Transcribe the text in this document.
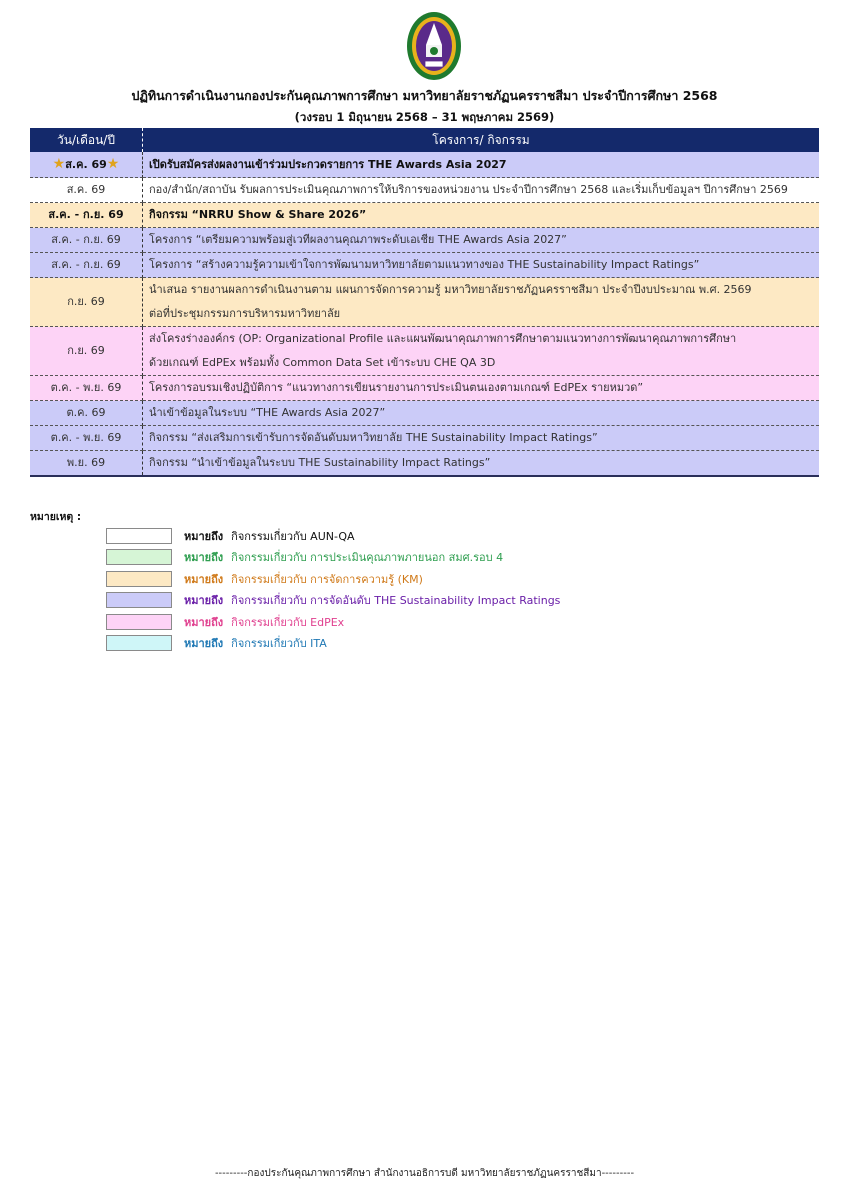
ปฏิทินการดำเนินงานกองประกันคุณภาพการศึกษา มหาวิทยาลัยราชภัฏนครราชสีมา ประจำปีการศึกษา 2568
(วงรอบ 1 มิถุนายน 2568 – 31 พฤษภาคม 2569)
วัน/เดือน/ปี	โครงการ/ กิจกรรม
★ส.ค. 69★	เปิดรับสมัครส่งผลงานเข้าร่วมประกวดรายการ THE Awards Asia 2027

ส.ค. 69	กอง/สำนัก/สถาบัน รับผลการประเมินคุณภาพการให้บริการของหน่วยงาน ประจำปีการศึกษา 2568 และเริ่มเก็บข้อมูลฯ ปีการศึกษา 2569

ส.ค. - ก.ย. 69	กิจกรรม “NRRU Show & Share 2026”

ส.ค. - ก.ย. 69	โครงการ “เตรียมความพร้อมสู่เวทีผลงานคุณภาพระดับเอเชีย THE Awards Asia 2027”

ส.ค. - ก.ย. 69	โครงการ “สร้างความรู้ความเข้าใจการพัฒนามหาวิทยาลัยตามแนวทางของ THE Sustainability Impact Ratings”

ก.ย. 69	นำเสนอ รายงานผลการดำเนินงานตาม แผนการจัดการความรู้ มหาวิทยาลัยราชภัฏนครราชสีมา ประจำปีงบประมาณ พ.ศ. 2569
ต่อที่ประชุมกรรมการบริหารมหาวิทยาลัย

ก.ย. 69	ส่งโครงร่างองค์กร (OP: Organizational Profile และแผนพัฒนาคุณภาพการศึกษาตามแนวทางการพัฒนาคุณภาพการศึกษา
ด้วยเกณฑ์ EdPEx พร้อมทั้ง Common Data Set เข้าระบบ CHE QA 3D

ต.ค. - พ.ย. 69	โครงการอบรมเชิงปฏิบัติการ “แนวทางการเขียนรายงานการประเมินตนเองตามเกณฑ์ EdPEx รายหมวด”

ต.ค. 69	นำเข้าข้อมูลในระบบ “THE Awards Asia 2027”

ต.ค. - พ.ย. 69	กิจกรรม “ส่งเสริมการเข้ารับการจัดอันดับมหาวิทยาลัย THE Sustainability Impact Ratings”

พ.ย. 69	กิจกรรม “นำเข้าข้อมูลในระบบ THE Sustainability Impact Ratings”
หมายเหตุ :
หมายถึง กิจกรรมเกี่ยวกับ AUN-QA
หมายถึง กิจกรรมเกี่ยวกับ การประเมินคุณภาพภายนอก สมศ.รอบ 4
หมายถึง กิจกรรมเกี่ยวกับ การจัดการความรู้ (KM)
หมายถึง กิจกรรมเกี่ยวกับ การจัดอันดับ THE Sustainability Impact Ratings
หมายถึง กิจกรรมเกี่ยวกับ EdPEx
หมายถึง กิจกรรมเกี่ยวกับ ITA
---------กองประกันคุณภาพการศึกษา สำนักงานอธิการบดี มหาวิทยาลัยราชภัฏนครราชสีมา---------
